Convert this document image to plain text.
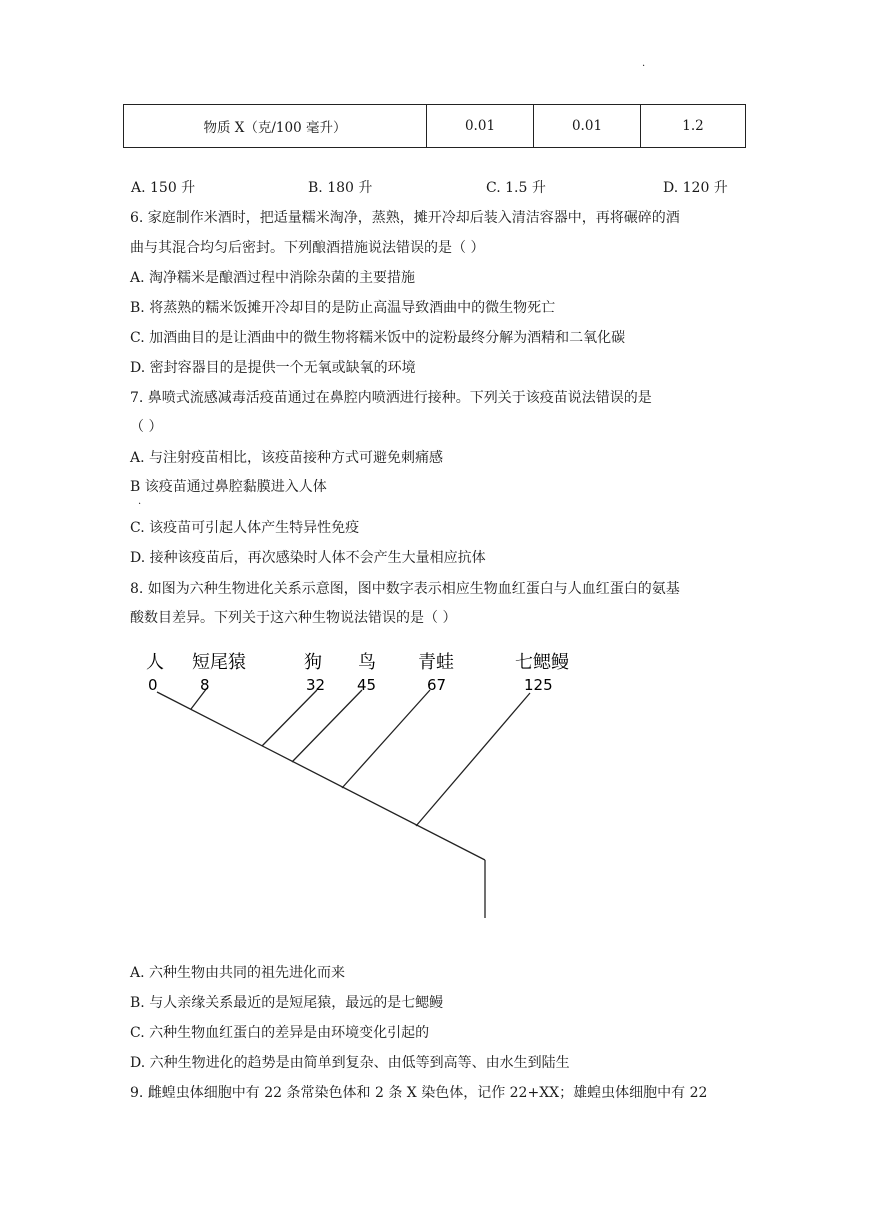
.
物质 X（克/100 毫升）	0.01	0.01	1.2
A. 150 升	B. 180 升	C. 1.5 升	D. 120 升
6. 家庭制作米酒时，把适量糯米淘净，蒸熟，摊开冷却后装入清洁容器中，再将碾碎的酒
曲与其混合均匀后密封。下列酿酒措施说法错误的是（ ）
A. 淘净糯米是酿酒过程中消除杂菌的主要措施
B. 将蒸熟的糯米饭摊开冷却目的是防止高温导致酒曲中的微生物死亡
C. 加酒曲目的是让酒曲中的微生物将糯米饭中的淀粉最终分解为酒精和二氧化碳
D. 密封容器目的是提供一个无氧或缺氧的环境
7. 鼻喷式流感减毒活疫苗通过在鼻腔内喷洒进行接种。下列关于该疫苗说法错误的是
（ ）
A. 与注射疫苗相比，该疫苗接种方式可避免刺痛感
B 该疫苗通过鼻腔黏膜进入人体
.
C. 该疫苗可引起人体产生特异性免疫
D. 接种该疫苗后，再次感染时人体不会产生大量相应抗体
8. 如图为六种生物进化关系示意图，图中数字表示相应生物血红蛋白与人血红蛋白的氨基
酸数目差异。下列关于这六种生物说法错误的是（ ）
人 短尾猿	狗 鸟 青蛙	七鳃鳗
0	8	32 45	67	125
A. 六种生物由共同的祖先进化而来
B. 与人亲缘关系最近的是短尾猿，最远的是七鳃鳗
C. 六种生物血红蛋白的差异是由环境变化引起的
D. 六种生物进化的趋势是由简单到复杂、由低等到高等、由水生到陆生
9. 雌蝗虫体细胞中有 22 条常染色体和 2 条 X 染色体，记作 22+XX；雄蝗虫体细胞中有 22
